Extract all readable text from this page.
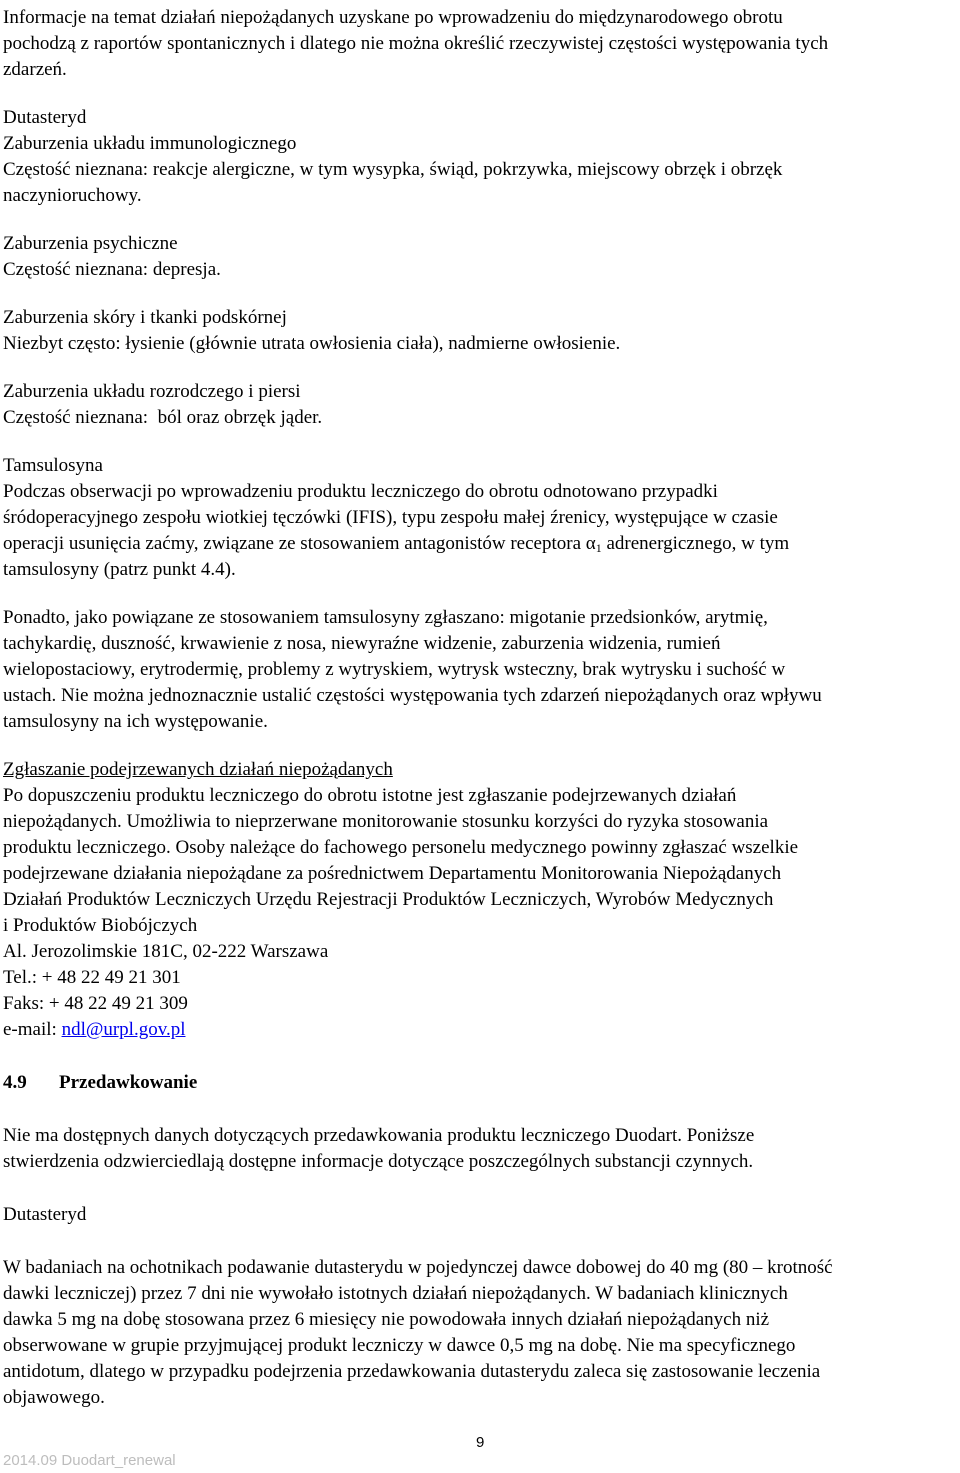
Informacje na temat działań niepożądanych uzyskane po wprowadzeniu do międzynarodowego obrotu
pochodzą z raportów spontanicznych i dlatego nie można określić rzeczywistej częstości występowania tych
zdarzeń.
Dutasteryd
Zaburzenia układu immunologicznego
Częstość nieznana: reakcje alergiczne, w tym wysypka, świąd, pokrzywka, miejscowy obrzęk i obrzęk
naczynioruchowy.
Zaburzenia psychiczne
Częstość nieznana: depresja.
Zaburzenia skóry i tkanki podskórnej
Niezbyt często: łysienie (głównie utrata owłosienia ciała), nadmierne owłosienie.
Zaburzenia układu rozrodczego i piersi
Częstość nieznana:  ból oraz obrzęk jąder.
Tamsulosyna
Podczas obserwacji po wprowadzeniu produktu leczniczego do obrotu odnotowano przypadki
śródoperacyjnego zespołu wiotkiej tęczówki (IFIS), typu zespołu małej źrenicy, występujące w czasie
operacji usunięcia zaćmy, związane ze stosowaniem antagonistów receptora $\alpha_1$ adrenergicznego, w tym
tamsulosyny (patrz punkt 4.4).
Ponadto, jako powiązane ze stosowaniem tamsulosyny zgłaszano: migotanie przedsionków, arytmię,
tachykardię, duszność, krwawienie z nosa, niewyraźne widzenie, zaburzenia widzenia, rumień
wielopostaciowy, erytrodermię, problemy z wytryskiem, wytrysk wsteczny, brak wytrysku i suchość w
ustach. Nie można jednoznacznie ustalić częstości występowania tych zdarzeń niepożądanych oraz wpływu
tamsulosyny na ich występowanie.
Zgłaszanie podejrzewanych działań niepożądanych
Po dopuszczeniu produktu leczniczego do obrotu istotne jest zgłaszanie podejrzewanych działań
niepożądanych. Umożliwia to nieprzerwane monitorowanie stosunku korzyści do ryzyka stosowania
produktu leczniczego. Osoby należące do fachowego personelu medycznego powinny zgłaszać wszelkie
podejrzewane działania niepożądane za pośrednictwem Departamentu Monitorowania Niepożądanych
Działań Produktów Leczniczych Urzędu Rejestracji Produktów Leczniczych, Wyrobów Medycznych
i Produktów Biobójczych
Al. Jerozolimskie 181C, 02-222 Warszawa
Tel.: + 48 22 49 21 301
Faks: + 48 22 49 21 309
e-mail: ndl@urpl.gov.pl
4.9 Przedawkowanie
Nie ma dostępnych danych dotyczących przedawkowania produktu leczniczego Duodart. Poniższe
stwierdzenia odzwierciedlają dostępne informacje dotyczące poszczególnych substancji czynnych.
Dutasteryd
W badaniach na ochotnikach podawanie dutasterydu w pojedynczej dawce dobowej do 40 mg (80 – krotność
dawki leczniczej) przez 7 dni nie wywołało istotnych działań niepożądanych. W badaniach klinicznych
dawka 5 mg na dobę stosowana przez 6 miesięcy nie powodowała innych działań niepożądanych niż
obserwowane w grupie przyjmującej produkt leczniczy w dawce 0,5 mg na dobę. Nie ma specyficznego
antidotum, dlatego w przypadku podejrzenia przedawkowania dutasterydu zaleca się zastosowanie leczenia
objawowego.
9
2014.09 Duodart_renewal
